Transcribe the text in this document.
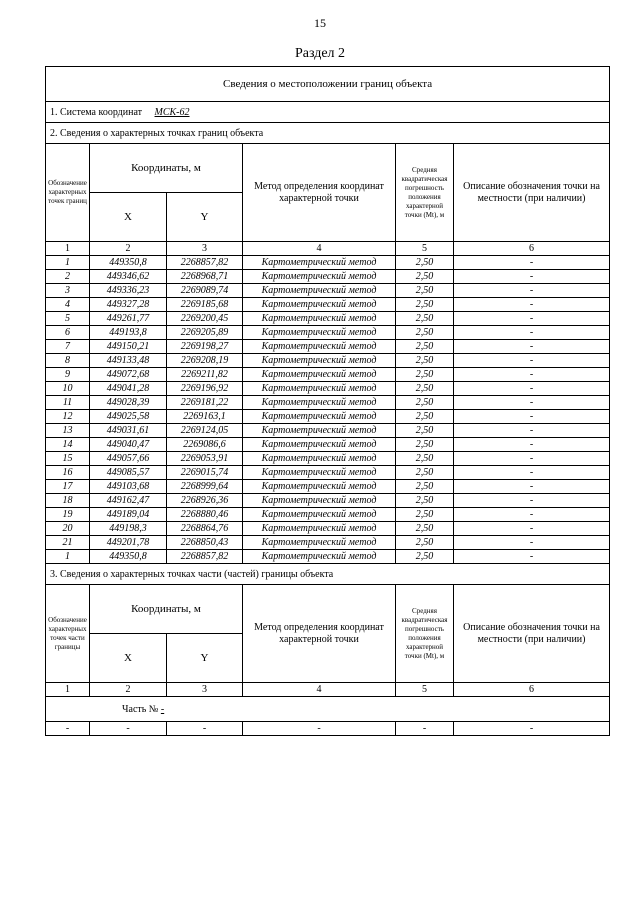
15
Раздел 2
Сведения о местоположении границ объекта					
1. Система координат МСК-62					
2. Сведения о характерных точках границ объекта					
Обозначение характерных точек границ	Координаты, м		Метод определения координат характерной точки	Средняя квадратическая погрешность положения характерной точки (Mt), м	Описание обозначения точки на местности (при наличии)
	X	Y			
1	2	3	4	5	6
1	449350,8	2268857,82	Картометрический метод	2,50	-
2	449346,62	2268968,71	Картометрический метод	2,50	-
3	449336,23	2269089,74	Картометрический метод	2,50	-
4	449327,28	2269185,68	Картометрический метод	2,50	-
5	449261,77	2269200,45	Картометрический метод	2,50	-
6	449193,8	2269205,89	Картометрический метод	2,50	-
7	449150,21	2269198,27	Картометрический метод	2,50	-
8	449133,48	2269208,19	Картометрический метод	2,50	-
9	449072,68	2269211,82	Картометрический метод	2,50	-
10	449041,28	2269196,92	Картометрический метод	2,50	-
11	449028,39	2269181,22	Картометрический метод	2,50	-
12	449025,58	2269163,1	Картометрический метод	2,50	-
13	449031,61	2269124,05	Картометрический метод	2,50	-
14	449040,47	2269086,6	Картометрический метод	2,50	-
15	449057,66	2269053,91	Картометрический метод	2,50	-
16	449085,57	2269015,74	Картометрический метод	2,50	-
17	449103,68	2268999,64	Картометрический метод	2,50	-
18	449162,47	2268926,36	Картометрический метод	2,50	-
19	449189,04	2268880,46	Картометрический метод	2,50	-
20	449198,3	2268864,76	Картометрический метод	2,50	-
21	449201,78	2268850,43	Картометрический метод	2,50	-
1	449350,8	2268857,82	Картометрический метод	2,50	-
3. Сведения о характерных точках части (частей) границы объекта					
Обозначение характерных точек части границы	Координаты, м		Метод определения координат характерной точки	Средняя квадратическая погрешность положения характерной точки (Mt), м	Описание обозначения точки на местности (при наличии)
	X	Y			
1	2	3	4	5	6
Часть № -					
-	-	-	-	-	-
